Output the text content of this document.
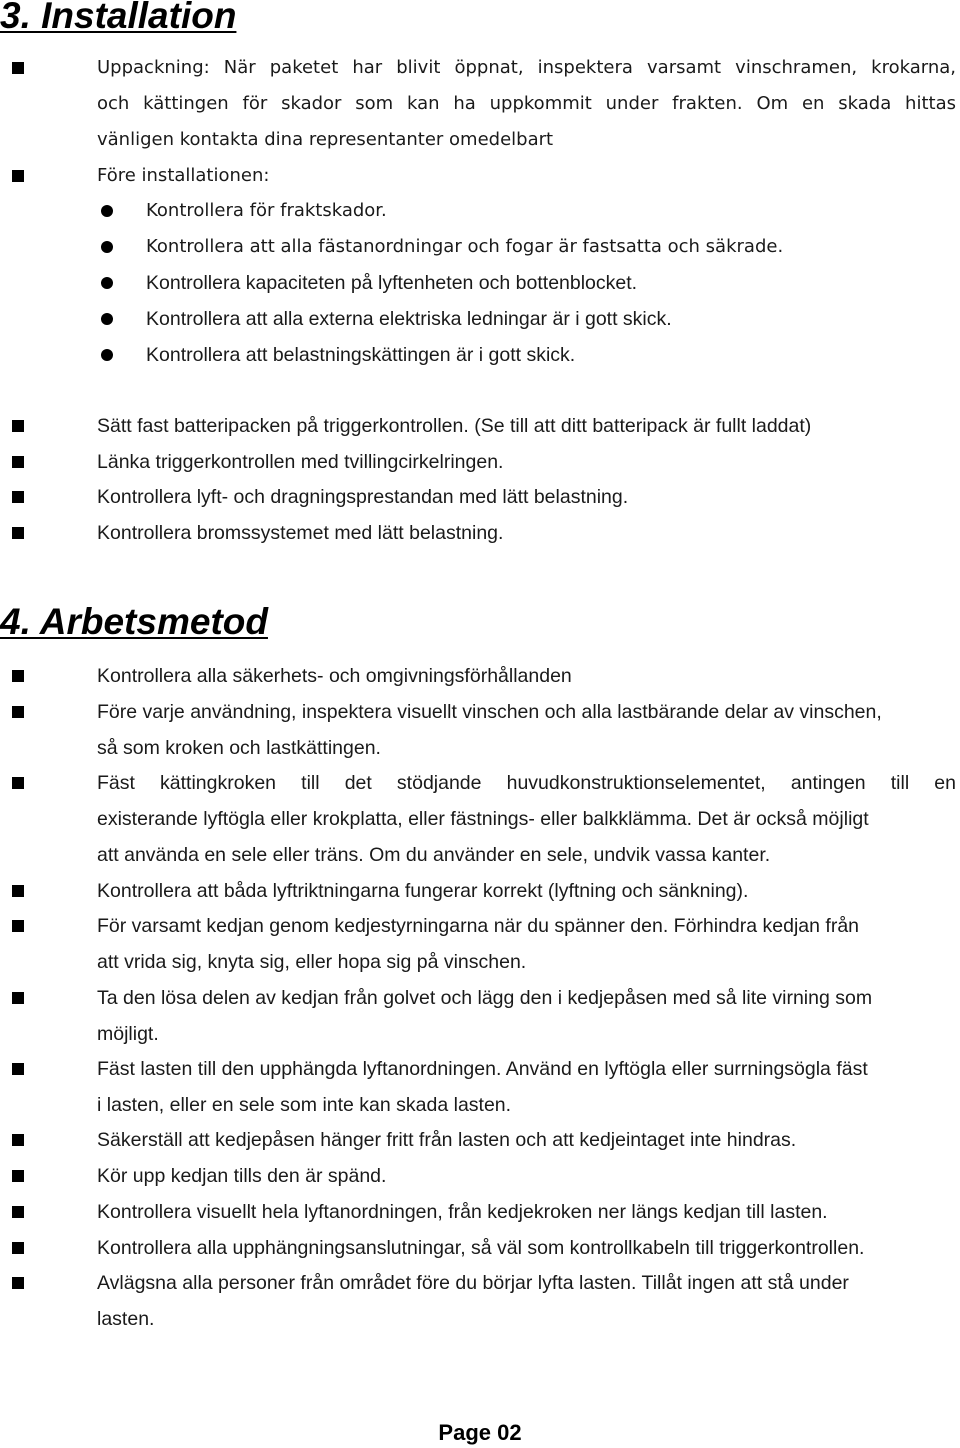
3. Installation
Uppackning: När paketet har blivit öppnat, inspektera varsamt vinschramen, krokarna,
och kättingen för skador som kan ha uppkommit under frakten. Om en skada hittas
vänligen kontakta dina representanter omedelbart
Före installationen:
Kontrollera för fraktskador.
Kontrollera att alla fästanordningar och fogar är fastsatta och säkrade.
Kontrollera kapaciteten på lyftenheten och bottenblocket.
Kontrollera att alla externa elektriska ledningar är i gott skick.
Kontrollera att belastningskättingen är i gott skick.
Sätt fast batteripacken på triggerkontrollen. (Se till att ditt batteripack är fullt laddat)
Länka triggerkontrollen med tvillingcirkelringen.
Kontrollera lyft- och dragningsprestandan med lätt belastning.
Kontrollera bromssystemet med lätt belastning.
4. Arbetsmetod
Kontrollera alla säkerhets- och omgivningsförhållanden
Före varje användning, inspektera visuellt vinschen och alla lastbärande delar av vinschen,
så som kroken och lastkättingen.
Fäst kättingkroken till det stödjande huvudkonstruktionselementet, antingen till en
existerande lyftögla eller krokplatta, eller fästnings- eller balkklämma. Det är också möjligt
att använda en sele eller träns. Om du använder en sele, undvik vassa kanter.
Kontrollera att båda lyftriktningarna fungerar korrekt (lyftning och sänkning).
För varsamt kedjan genom kedjestyrningarna när du spänner den. Förhindra kedjan från
att vrida sig, knyta sig, eller hopa sig på vinschen.
Ta den lösa delen av kedjan från golvet och lägg den i kedjepåsen med så lite virning som
möjligt.
Fäst lasten till den upphängda lyftanordningen. Använd en lyftögla eller surrningsögla fäst
i lasten, eller en sele som inte kan skada lasten.
Säkerställ att kedjepåsen hänger fritt från lasten och att kedjeintaget inte hindras.
Kör upp kedjan tills den är spänd.
Kontrollera visuellt hela lyftanordningen, från kedjekroken ner längs kedjan till lasten.
Kontrollera alla upphängningsanslutningar, så väl som kontrollkabeln till triggerkontrollen.
Avlägsna alla personer från området före du börjar lyfta lasten. Tillåt ingen att stå under
lasten.
Page 02
